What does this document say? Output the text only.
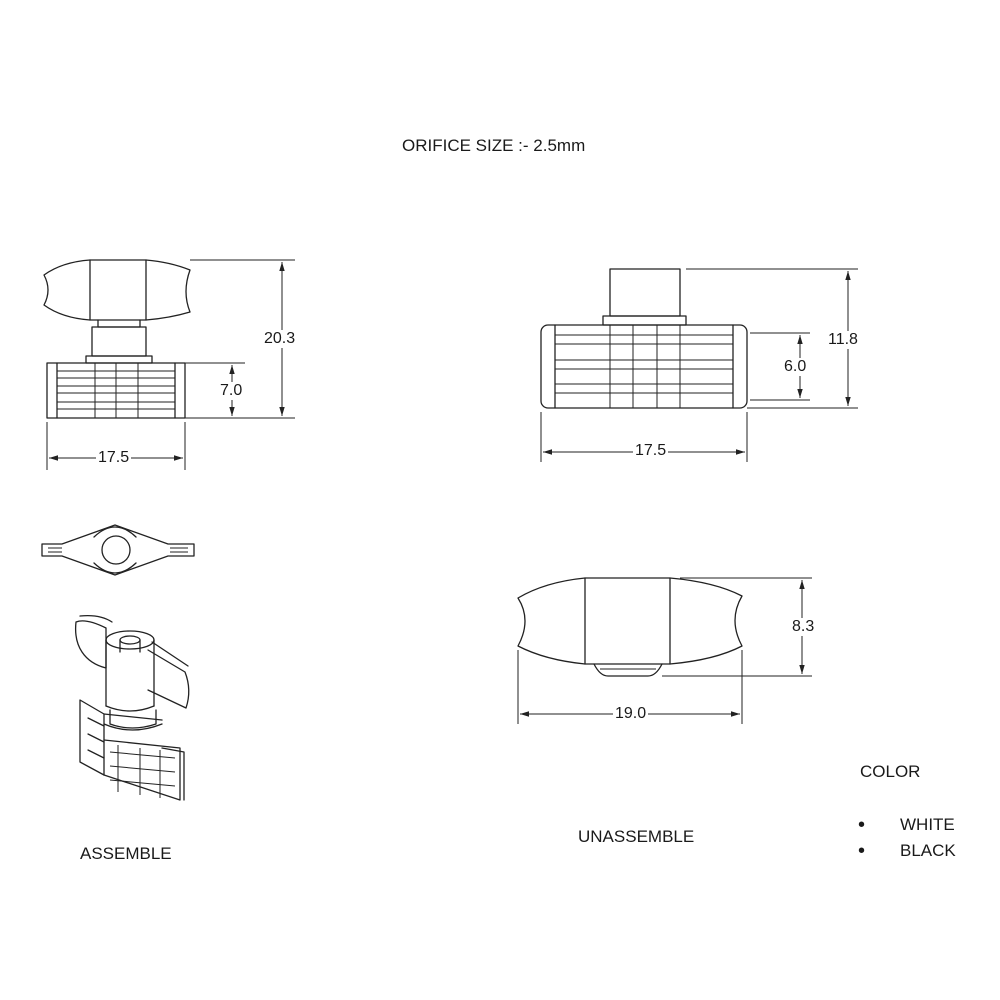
ORIFICE SIZE :- 2.5mm
20.3
7.0
17.5
11.8
6.0
17.5
8.3
19.0
ASSEMBLE
UNASSEMBLE
COLOR
• WHITE
• BLACK
